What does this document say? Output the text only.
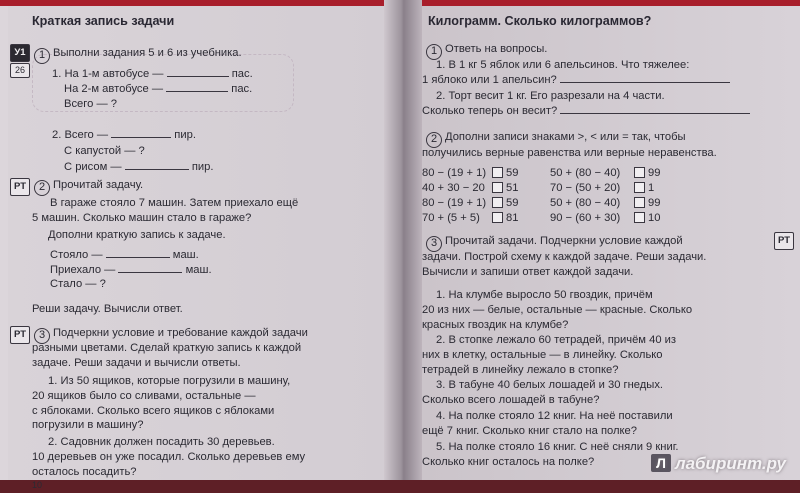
Краткая запись задачи
У1
26
1 Выполни задания 5 и 6 из учебника.
1. На 1-м автобусе —	пас.
На 2-м автобусе —	пас.
Всего — ?
2. Всего —	пир.
С капустой — ?
С рисом —	пир.
РТ	2 Прочитай задачу.
В гараже стояло 7 машин. Затем приехало ещё
5 машин. Сколько машин стало в гараже?
Дополни краткую запись к задаче.
Стояло —	маш.
Приехало —	маш.
Стало — ?
Реши задачу. Вычисли ответ.
РТ	3 Подчеркни условие и требование каждой задачи
разными цветами. Сделай краткую запись к каждой
задаче. Реши задачи и вычисли ответы.
1. Из 50 ящиков, которые погрузили в машину,
20 ящиков было со сливами, остальные —
с яблоками. Сколько всего ящиков с яблоками
погрузили в машину?
2. Садовник должен посадить 30 деревьев.
10 деревьев он уже посадил. Сколько деревьев ему
осталось посадить?
10
Килограмм. Сколько килограммов?
1 Ответь на вопросы.
1. В 1 кг 5 яблок или 6 апельсинов. Что тяжелее:
1 яблоко или 1 апельсин?
2. Торт весит 1 кг. Его разрезали на 4 части.
Сколько теперь он весит?
2 Дополни записи знаками >, < или = так, чтобы
получились верные равенства или верные неравенства.
80 − (19 + 1) 59	50 + (80 − 40) 99
40 + 30 − 20 51	70 − (50 + 20) 1
80 − (19 + 1) 59	50 + (80 − 40) 99
70 + (5 + 5) 81	90 − (60 + 30) 10
РТ
3 Прочитай задачи. Подчеркни условие каждой
задачи. Построй схему к каждой задаче. Реши задачи.
Вычисли и запиши ответ каждой задачи.
1. На клумбе выросло 50 гвоздик, причём
20 из них — белые, остальные — красные. Сколько
красных гвоздик на клумбе?
2. В стопке лежало 60 тетрадей, причём 40 из
них в клетку, остальные — в линейку. Сколько
тетрадей в линейку лежало в стопке?
3. В табуне 40 белых лошадей и 30 гнедых.
Сколько всего лошадей в табуне?
4. На полке стояло 12 книг. На неё поставили
ещё 7 книг. Сколько книг стало на полке?
5. На полке стояло 16 книг. С неё сняли 9 книг.
Сколько книг осталось на полке?	Л лабиринт.ру
